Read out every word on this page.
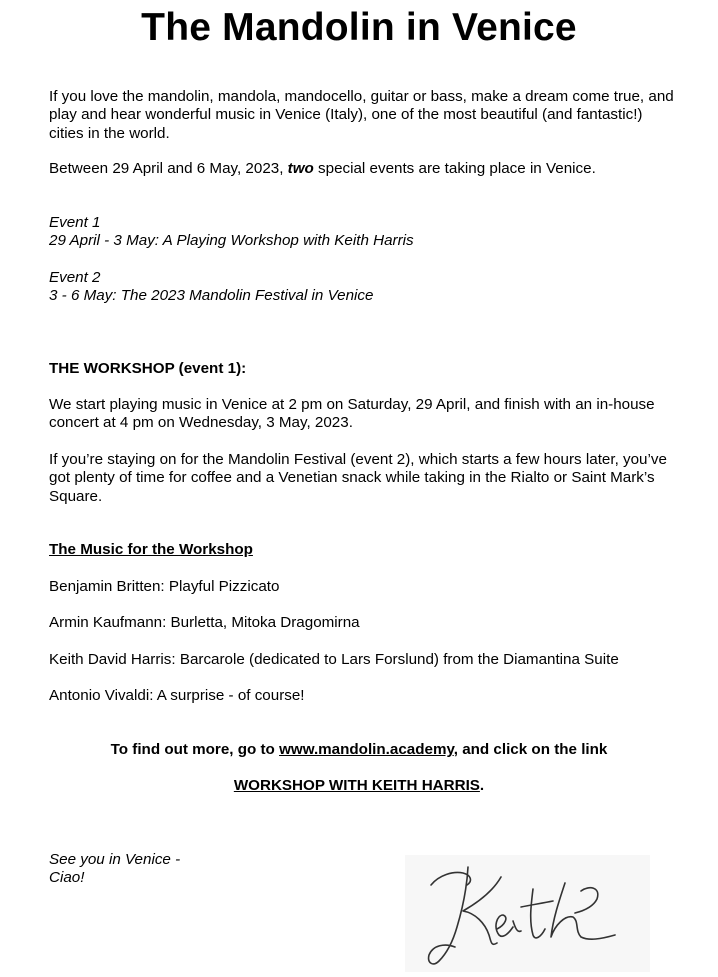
The Mandolin in Venice

If you love the mandolin, mandola, mandocello, guitar or bass, make a dream come true, and play and hear wonderful music in Venice (Italy), one of the most beautiful (and fantastic!) cities in the world.

Between 29 April and 6 May, 2023, two special events are taking place in Venice.

Event 1
29 April - 3 May: A Playing Workshop with Keith Harris
Event 2
3 - 6 May: The 2023 Mandolin Festival in Venice

THE WORKSHOP (event 1):

We start playing music in Venice at 2 pm on Saturday, 29 April, and finish with an in-house concert at 4 pm on Wednesday, 3 May, 2023.

If you’re staying on for the Mandolin Festival (event 2), which starts a few hours later, you’ve got plenty of time for coffee and a Venetian snack while taking in the Rialto or Saint Mark’s Square.

The Music for the Workshop

Benjamin Britten: Playful Pizzicato

Armin Kaufmann: Burletta, Mitoka Dragomirna

Keith David Harris: Barcarole (dedicated to Lars Forslund) from the Diamantina Suite

Antonio Vivaldi: A surprise - of course!

To find out more, go to www.mandolin.academy, and click on the link

WORKSHOP WITH KEITH HARRIS.

See you in Venice -
Ciao!
